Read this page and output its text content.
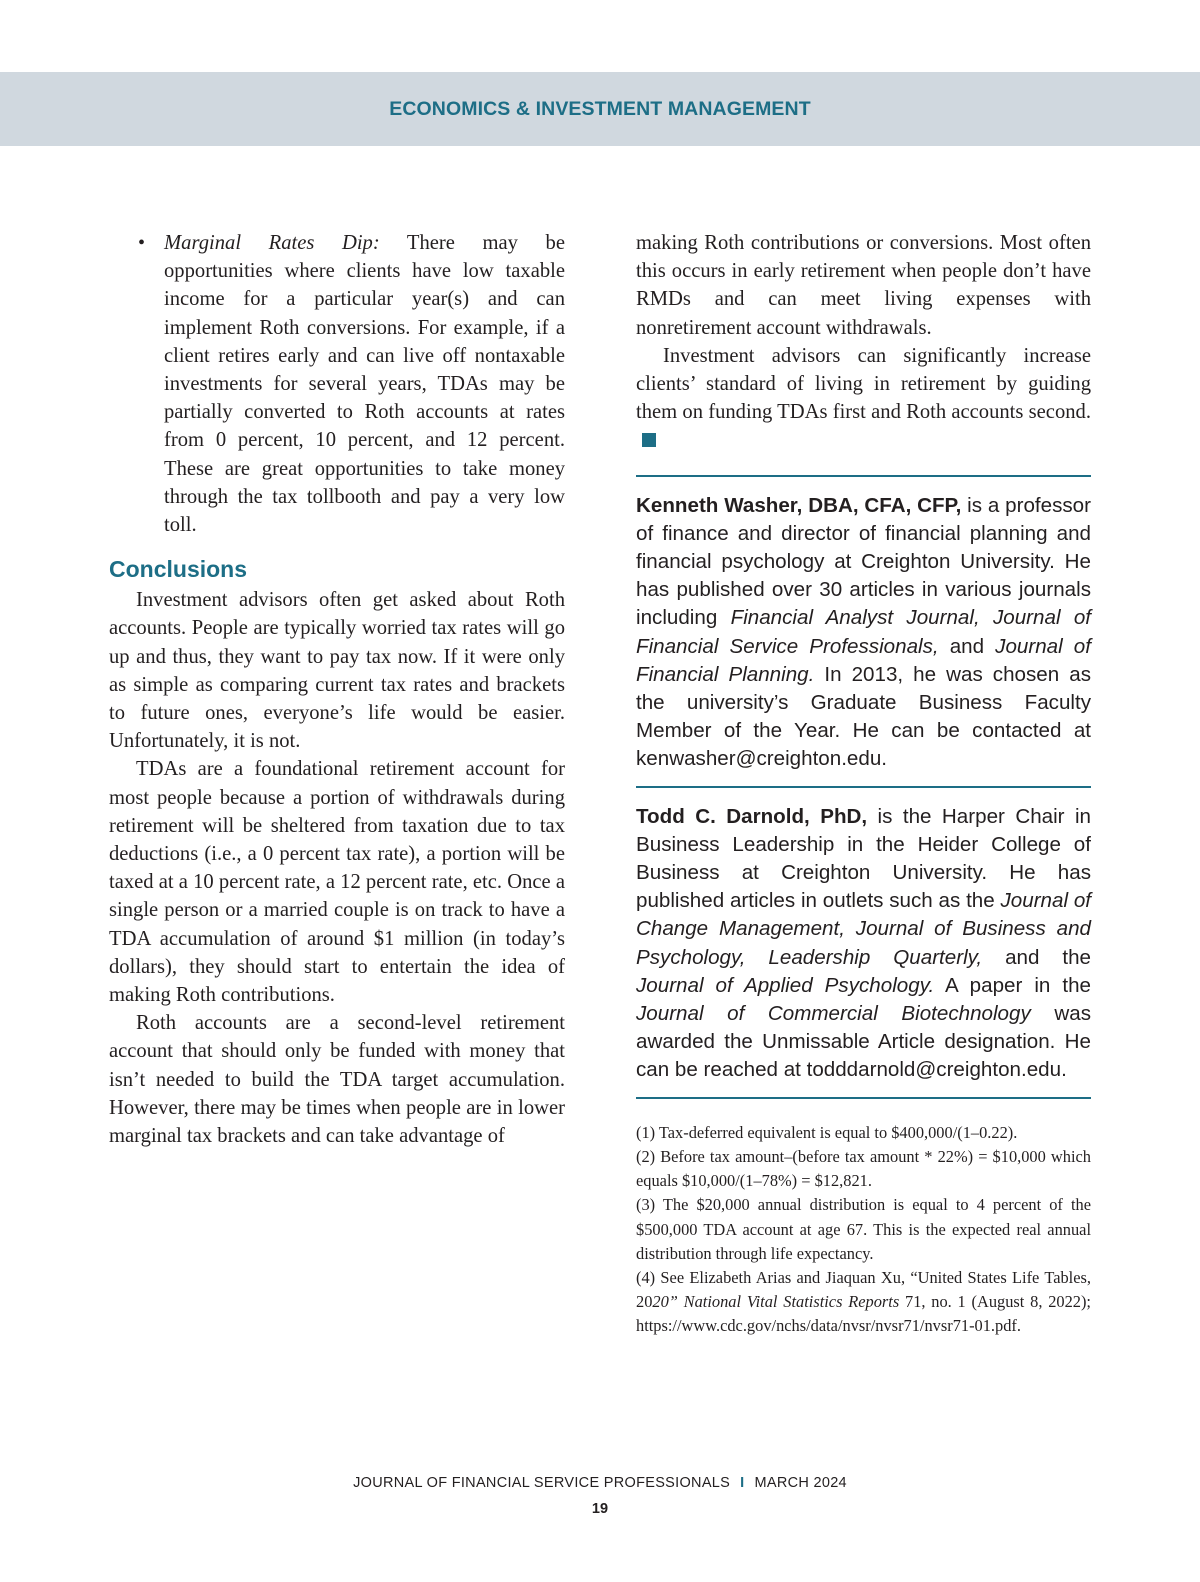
ECONOMICS & INVESTMENT MANAGEMENT
• Marginal Rates Dip: There may be opportunities where clients have low taxable income for a particular year(s) and can implement Roth conversions. For example, if a client retires early and can live off nontaxable investments for several years, TDAs may be partially converted to Roth accounts at rates from 0 percent, 10 percent, and 12 percent. These are great opportunities to take money through the tax tollbooth and pay a very low toll.

Conclusions

Investment advisors often get asked about Roth accounts. People are typically worried tax rates will go up and thus, they want to pay tax now. If it were only as simple as comparing current tax rates and brackets to future ones, everyone’s life would be easier. Unfortunately, it is not.

TDAs are a foundational retirement account for most people because a portion of withdrawals during retirement will be sheltered from taxation due to tax deductions (i.e., a 0 percent tax rate), a portion will be taxed at a 10 percent rate, a 12 percent rate, etc. Once a single person or a married couple is on track to have a TDA accumulation of around $1 million (in today’s dollars), they should start to entertain the idea of making Roth contributions.

Roth accounts are a second-level retirement account that should only be funded with money that isn’t needed to build the TDA target accumulation. However, there may be times when people are in lower marginal tax brackets and can take advantage of

making Roth contributions or conversions. Most often this occurs in early retirement when people don’t have RMDs and can meet living expenses with nonretirement account withdrawals.

Investment advisors can significantly increase clients’ standard of living in retirement by guiding them on funding TDAs first and Roth accounts second.

Kenneth Washer, DBA, CFA, CFP, is a professor of finance and director of financial planning and financial psychology at Creighton University. He has published over 30 articles in various journals including Financial Analyst Journal, Journal of Financial Service Professionals, and Journal of Financial Planning. In 2013, he was chosen as the university’s Graduate Business Faculty Member of the Year. He can be contacted at kenwasher@creighton.edu.

Todd C. Darnold, PhD, is the Harper Chair in Business Leadership in the Heider College of Business at Creighton University. He has published articles in outlets such as the Journal of Change Management, Journal of Business and Psychology, Leadership Quarterly, and the Journal of Applied Psychology. A paper in the Journal of Commercial Biotechnology was awarded the Unmissable Article designation. He can be reached at todddarnold@creighton.edu.

(1) Tax-deferred equivalent is equal to $400,000/(1–0.22).

(2) Before tax amount–(before tax amount * 22%) = $10,000 which equals $10,000/(1–78%) = $12,821.

(3) The $20,000 annual distribution is equal to 4 percent of the $500,000 TDA account at age 67. This is the expected real annual distribution through life expectancy.

(4) See Elizabeth Arias and Jiaquan Xu, “United States Life Tables, 2020” National Vital Statistics Reports 71, no. 1 (August 8, 2022); https://www.cdc.gov/nchs/data/nvsr/nvsr71/nvsr71-01.pdf.

JOURNAL OF FINANCIAL SERVICE PROFESSIONALS I MARCH 2024
19
